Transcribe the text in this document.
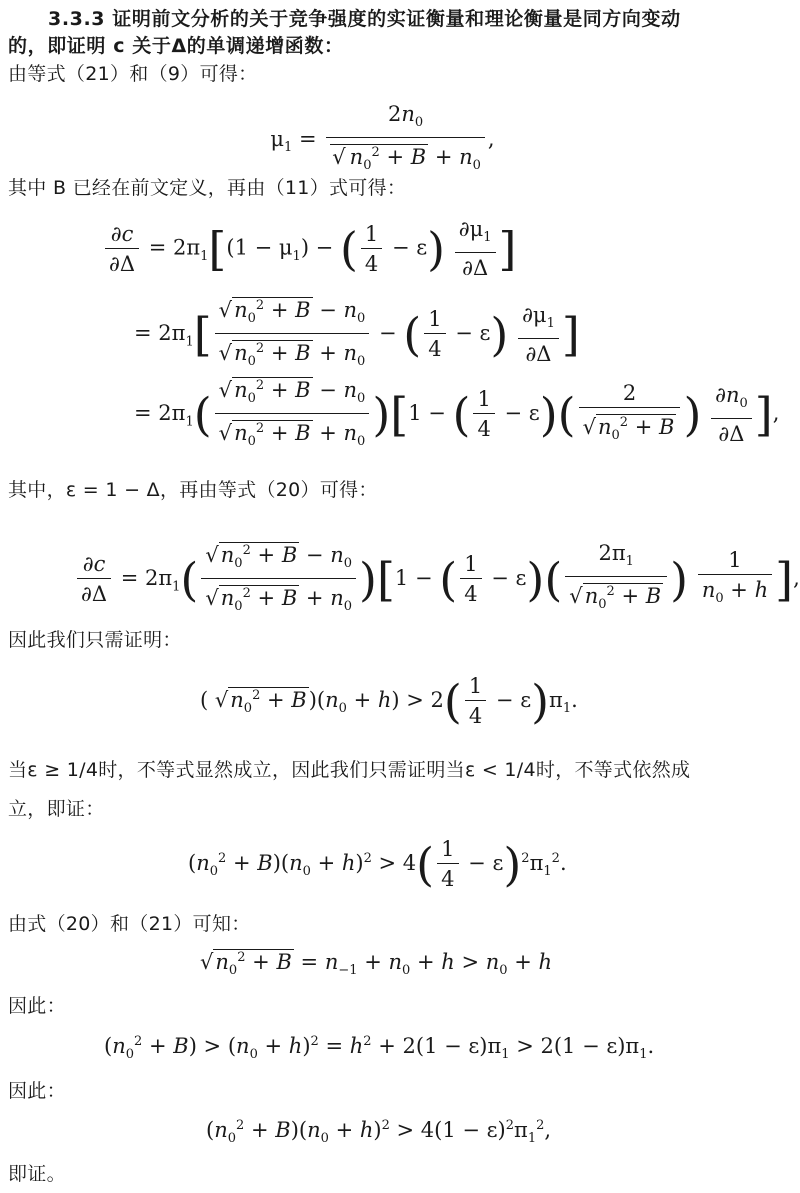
3.3.3 证明前文分析的关于竞争强度的实证衡量和理论衡量是同方向变动
的，即证明 c 关于Δ的单调递增函数：
由等式（21）和（9）可得：
$\mu_1 = \frac{2n_0}{√ n_0^2 + B + n_0}$ ,
其中 B 已经在前文定义，再由（11）式可得：
$\frac{\partial c}{\partial\Delta} = 2\pi_1[(1 - \mu_1)$ − ( $\frac{1}{4} - \varepsilon) \frac{\partial\mu_1}{\partial\Delta}$ ]
= $2\pi_1[ \frac{√n_0^2 + B - n_0}{√n_0^2 + B + n_0}$ − ( $\frac{1}{4} - \varepsilon) \frac{\partial\mu_1}{\partial\Delta}$ ]
= $2\pi_1( \frac{√n_0^2 + B - n_0}{√n_0^2 + B + n_0} )[1$ − ( $\frac{1}{4} - \varepsilon)( \frac{2}{√n_0^2 + B}$ ) $\frac{\partial n_0}{\partial\Delta}$ ],
其中，ε = 1 − Δ，再由等式（20）可得：
$\frac{\partial c}{\partial\Delta} = 2\pi_1( \frac{√n_0^2 + B - n_0}{√n_0^2 + B + n_0} )[1$ − ( $\frac{1}{4} - \varepsilon)( \frac{2\pi_1}{√n_0^2 + B}$ ) $\frac{1}{n_0 + h}$ ],
因此我们只需证明：
( $√n_0^2 + B)(n_0 + h) > 2( \frac{1}{4} - \varepsilon)\pi_1$.
当ε ≥ 1/4时，不等式显然成立，因此我们只需证明当ε < 1/4时，不等式依然成
立，即证：
$(n_0^2 + B)(n_0 + h)^2 > 4( \frac{1}{4} - \varepsilon)^2\pi_1^2$.
由式（20）和（21）可知：
$√n_0^2 + B = n_{-1} + n_0 + h > n_0 + h$
因此：
$(n_0^2 + B) > (n_0 + h)^2 = h^2 + 2(1 - \varepsilon)\pi_1 > 2(1 - \varepsilon)\pi_1$.
因此：
$(n_0^2 + B)(n_0 + h)^2 > 4(1 - \varepsilon)^2\pi_1^2$,
即证。
